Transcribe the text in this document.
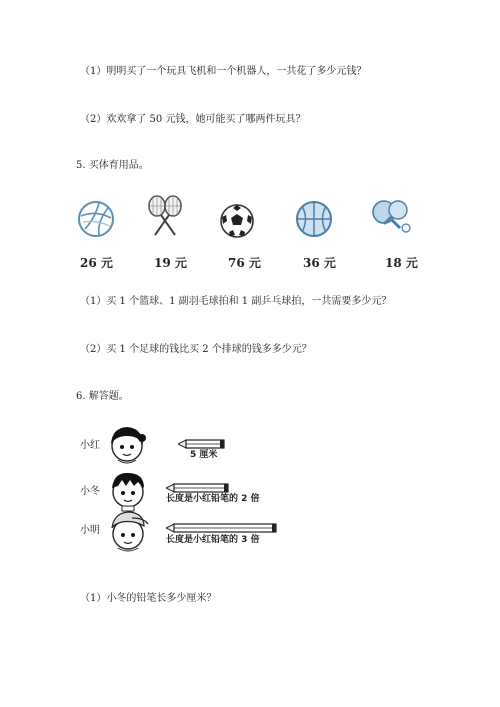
（1）明明买了一个玩具飞机和一个机器人，一共花了多少元钱？
（2）欢欢拿了 50 元钱，她可能买了哪两件玩具？
5. 买体育用品。
26 元	19 元	76 元	36 元	18 元
（1）买 1 个篮球、1 副羽毛球拍和 1 副乒乓球拍，一共需要多少元？
（2）买 1 个足球的钱比买 2 个排球的钱多多少元？
6. 解答题。
小红
5 厘米
小冬
长度是小红铅笔的 2 倍
小明
长度是小红铅笔的 3 倍
（1）小冬的铅笔长多少厘米？
